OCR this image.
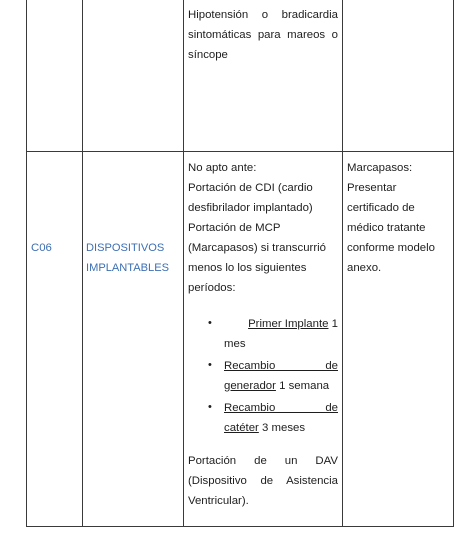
Hipotensión o bradicardia
sintomáticas para mareos o
síncope
C06	DISPOSITIVOS
IMPLANTABLES
No apto ante:
Portación de CDI (cardio
desfibrilador implantado)
Portación de MCP
(Marcapasos) si transcurrió
menos lo los siguientes
períodos:
•	Primer Implante 1
mes
• Recambio de
generador 1 semana
• Recambio de
catéter 3 meses
Portación de un DAV
(Dispositivo de Asistencia
Ventricular).
Marcapasos:
Presentar
certificado de
médico tratante
conforme modelo
anexo.
